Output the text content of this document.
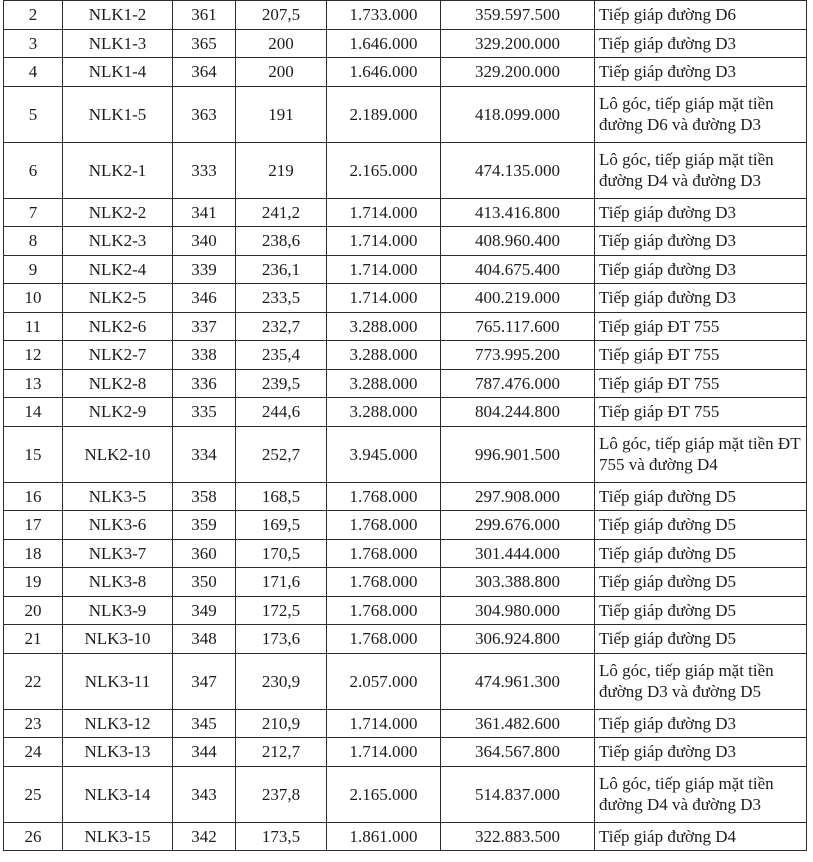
2	NLK1-2	361	207,5	1.733.000	359.597.500	Tiếp giáp đường D6
3	NLK1-3	365	200	1.646.000	329.200.000	Tiếp giáp đường D3
4	NLK1-4	364	200	1.646.000	329.200.000	Tiếp giáp đường D3
5	NLK1-5	363	191	2.189.000	418.099.000	Lô góc, tiếp giáp mặt tiền đường D6 và đường D3
6	NLK2-1	333	219	2.165.000	474.135.000	Lô góc, tiếp giáp mặt tiền đường D4 và đường D3
7	NLK2-2	341	241,2	1.714.000	413.416.800	Tiếp giáp đường D3
8	NLK2-3	340	238,6	1.714.000	408.960.400	Tiếp giáp đường D3
9	NLK2-4	339	236,1	1.714.000	404.675.400	Tiếp giáp đường D3
10	NLK2-5	346	233,5	1.714.000	400.219.000	Tiếp giáp đường D3
11	NLK2-6	337	232,7	3.288.000	765.117.600	Tiếp giáp ĐT 755
12	NLK2-7	338	235,4	3.288.000	773.995.200	Tiếp giáp ĐT 755
13	NLK2-8	336	239,5	3.288.000	787.476.000	Tiếp giáp ĐT 755
14	NLK2-9	335	244,6	3.288.000	804.244.800	Tiếp giáp ĐT 755
15	NLK2-10	334	252,7	3.945.000	996.901.500	Lô góc, tiếp giáp mặt tiền ĐT 755 và đường D4
16	NLK3-5	358	168,5	1.768.000	297.908.000	Tiếp giáp đường D5
17	NLK3-6	359	169,5	1.768.000	299.676.000	Tiếp giáp đường D5
18	NLK3-7	360	170,5	1.768.000	301.444.000	Tiếp giáp đường D5
19	NLK3-8	350	171,6	1.768.000	303.388.800	Tiếp giáp đường D5
20	NLK3-9	349	172,5	1.768.000	304.980.000	Tiếp giáp đường D5
21	NLK3-10	348	173,6	1.768.000	306.924.800	Tiếp giáp đường D5
22	NLK3-11	347	230,9	2.057.000	474.961.300	Lô góc, tiếp giáp mặt tiền đường D3 và đường D5
23	NLK3-12	345	210,9	1.714.000	361.482.600	Tiếp giáp đường D3
24	NLK3-13	344	212,7	1.714.000	364.567.800	Tiếp giáp đường D3
25	NLK3-14	343	237,8	2.165.000	514.837.000	Lô góc, tiếp giáp mặt tiền đường D4 và đường D3
26	NLK3-15	342	173,5	1.861.000	322.883.500	Tiếp giáp đường D4
